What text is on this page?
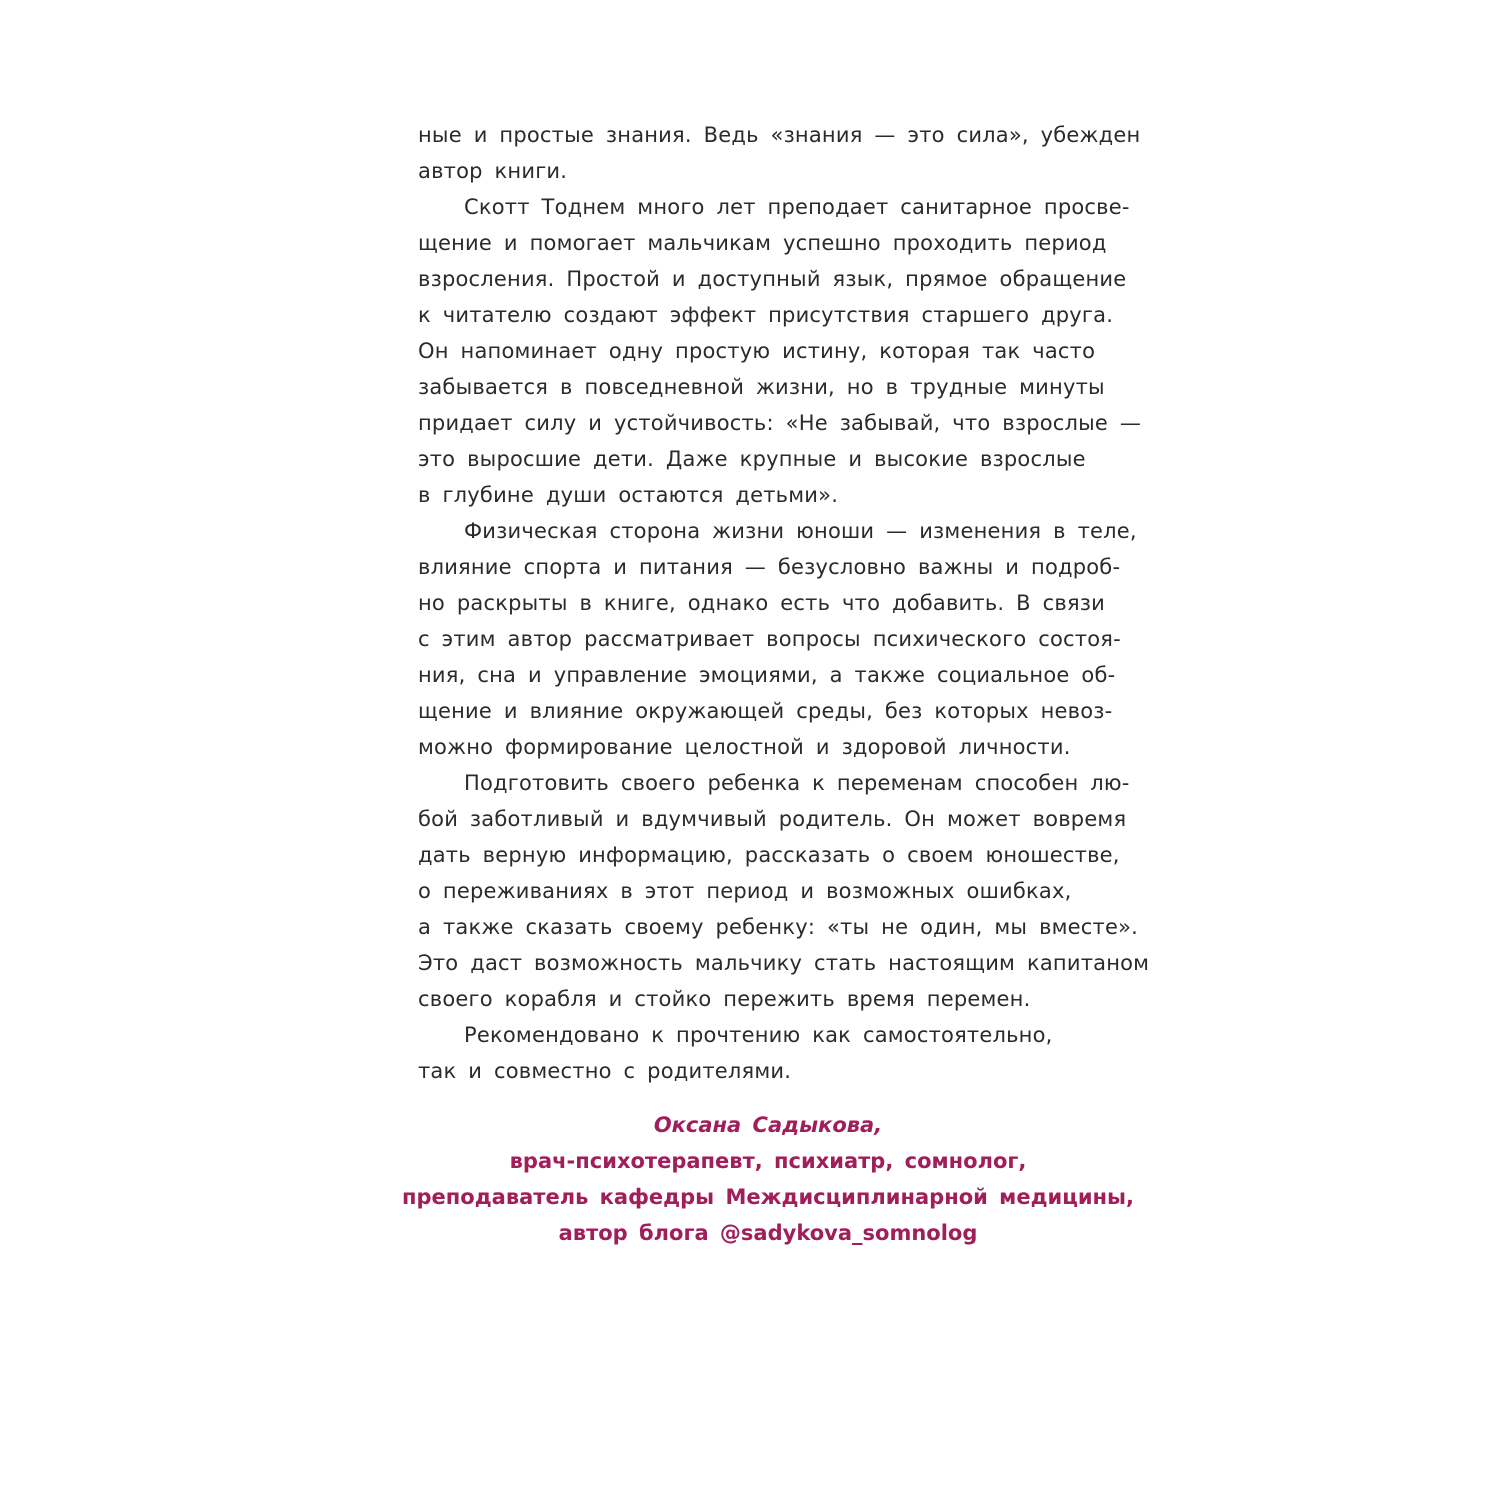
ные и простые знания. Ведь «знания — это сила», убежден
автор книги.
Скотт Тоднем много лет преподает санитарное просве-
щение и помогает мальчикам успешно проходить период
взросления. Простой и доступный язык, прямое обращение
к читателю создают эффект присутствия старшего друга.
Он напоминает одну простую истину, которая так часто
забывается в повседневной жизни, но в трудные минуты
придает силу и устойчивость: «Не забывай, что взрослые —
это выросшие дети. Даже крупные и высокие взрослые
в глубине души остаются детьми».
Физическая сторона жизни юноши — изменения в теле,
влияние спорта и питания — безусловно важны и подроб-
но раскрыты в книге, однако есть что добавить. В связи
с этим автор рассматривает вопросы психического состоя-
ния, сна и управление эмоциями, а также социальное об-
щение и влияние окружающей среды, без которых невоз-
можно формирование целостной и здоровой личности.
Подготовить своего ребенка к переменам способен лю-
бой заботливый и вдумчивый родитель. Он может вовремя
дать верную информацию, рассказать о своем юношестве,
о переживаниях в этот период и возможных ошибках,
а также сказать своему ребенку: «ты не один, мы вместе».
Это даст возможность мальчику стать настоящим капитаном
своего корабля и стойко пережить время перемен.
Рекомендовано к прочтению как самостоятельно,
так и совместно с родителями.
Оксана Садыкова,
врач-психотерапевт, психиатр, сомнолог,
преподаватель кафедры Междисциплинарной медицины,
автор блога @sadykova_somnolog
